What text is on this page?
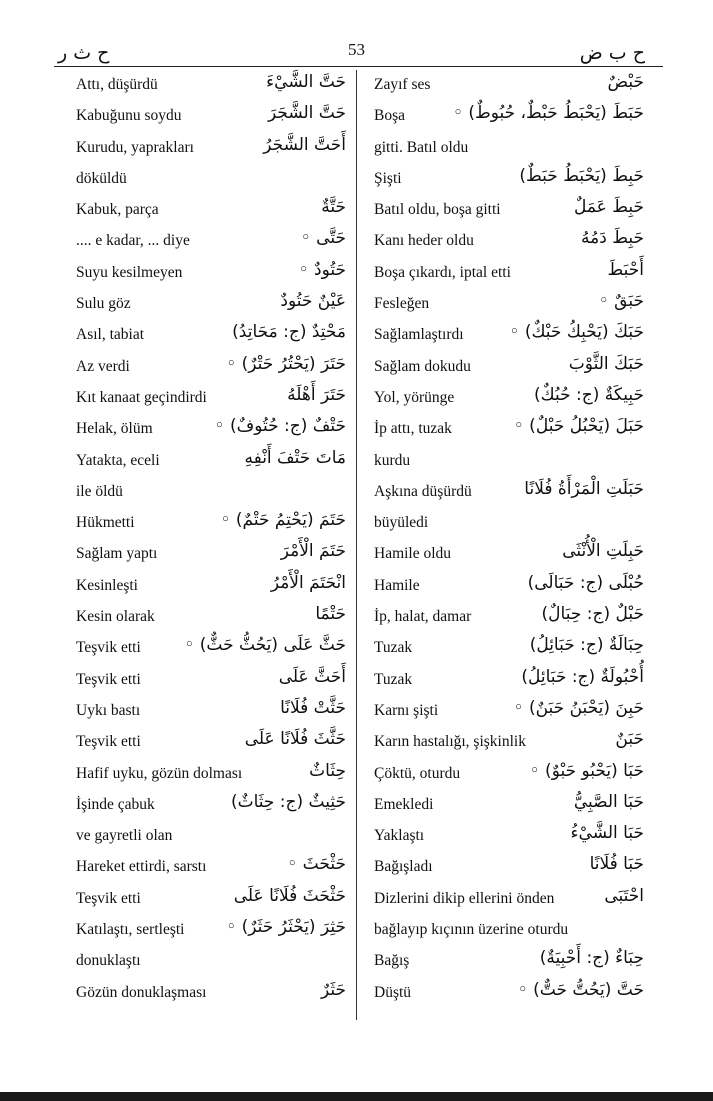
ح ث ر	53	ح ب ض
Attı, düşürdü	حَتَّ الشَّيْءَ
Kabuğunu soydu	حَتَّ الشَّجَرَ
Kurudu, yaprakları	أَحَتَّ الشَّجَرُ
döküldü
Kabuk, parça	حَتَّةٌ
.... e kadar, ... diye	حَتَّى ◦
Suyu kesilmeyen	حَتُودٌ ◦
Sulu göz	عَيْنٌ حَتُودٌ
Asıl, tabiat	مَحْتِدٌ (ج: مَحَاتِدُ)
Az verdi	حَتَرَ (يَحْتُرُ حَتْرٌ) ◦
Kıt kanaat geçindirdi	حَتَرَ أَهْلَهُ
Helak, ölüm	حَتْفٌ (ج: حُتُوفٌ) ◦
Yatakta, eceli	مَاتَ حَتْفَ أَنْفِهِ
ile öldü
Hükmetti	حَتَمَ (يَحْتِمُ حَتْمٌ) ◦
Sağlam yaptı	حَتَمَ الْأَمْرَ
Kesinleşti	انْحَتَمَ الْأَمْرُ
Kesin olarak	حَتْمًا
Teşvik etti	حَثَّ عَلَى (يَحُثُّ حَثٌّ) ◦
Teşvik etti	أَحَثَّ عَلَى
Uykı bastı	حَثَّتْ فُلَانًا
Teşvik etti	حَثَّثَ فُلَانًا عَلَى
Hafif uyku, gözün dolması	حِثَاثٌ
İşinde çabuk	حَثِيثٌ (ج: حِثَاثٌ)
ve gayretli olan
Hareket ettirdi, sarstı	حَثْحَثَ ◦
Teşvik etti	حَثْحَثَ فُلَانًا عَلَى
Katılaştı, sertleşti حَثِرَ (يَحْثَرُ حَثَرٌ) ◦
donuklaştı
Gözün donuklaşması	حَثَرٌ
Zayıf ses	حَبْضٌ
Boşa	حَبَطَ (يَحْبَطُ حَبْطٌ، حُبُوطٌ) ◦
gitti. Batıl oldu
Şişti	حَبِطَ (يَحْبَطُ حَبَطٌ)
Batıl oldu, boşa gitti	حَبِطَ عَمَلٌ
Kanı heder oldu	حَبِطَ دَمُهُ
Boşa çıkardı, iptal etti	أَحْبَطَ
Fesleğen	حَبَقٌ ◦
Sağlamlaştırdı	حَبَكَ (يَحْبِكُ حَبْكٌ) ◦
Sağlam dokudu	حَبَكَ الثَّوْبَ
Yol, yörünge	حَبِيكَةٌ (ج: حُبُكٌ)
İp attı, tuzak	حَبَلَ (يَحْبُلُ حَبْلٌ) ◦
kurdu
Aşkına düşürdü	حَبَلَتِ الْمَرْأَةُ فُلَانًا
büyüledi
Hamile oldu	حَبِلَتِ الْأُنْثَى
Hamile	حُبْلَى (ج: حَبَالَى)
İp, halat, damar	حَبْلٌ (ج: حِبَالٌ)
Tuzak	حِبَالَةٌ (ج: حَبَائِلُ)
Tuzak	أُحْبُولَةٌ (ج: حَبَائِلُ)
Karnı şişti	حَبِنَ (يَحْبَنُ حَبَنٌ) ◦
Karın hastalığı, şişkinlik	حَبَنٌ
Çöktü, oturdu	حَبَا (يَحْبُو حَبْوٌ) ◦
Emekledi	حَبَا الصَّبِيُّ
Yaklaştı	حَبَا الشَّيْءُ
Bağışladı	حَبَا فُلَانًا
Dizlerini dikip ellerini önden	احْتَبَى
bağlayıp kıçının üzerine oturdu
Bağış	حِبَاءٌ (ج: أَحْبِيَةٌ)
Düştü	حَتَّ (يَحُتُّ حَتٌّ) ◦
